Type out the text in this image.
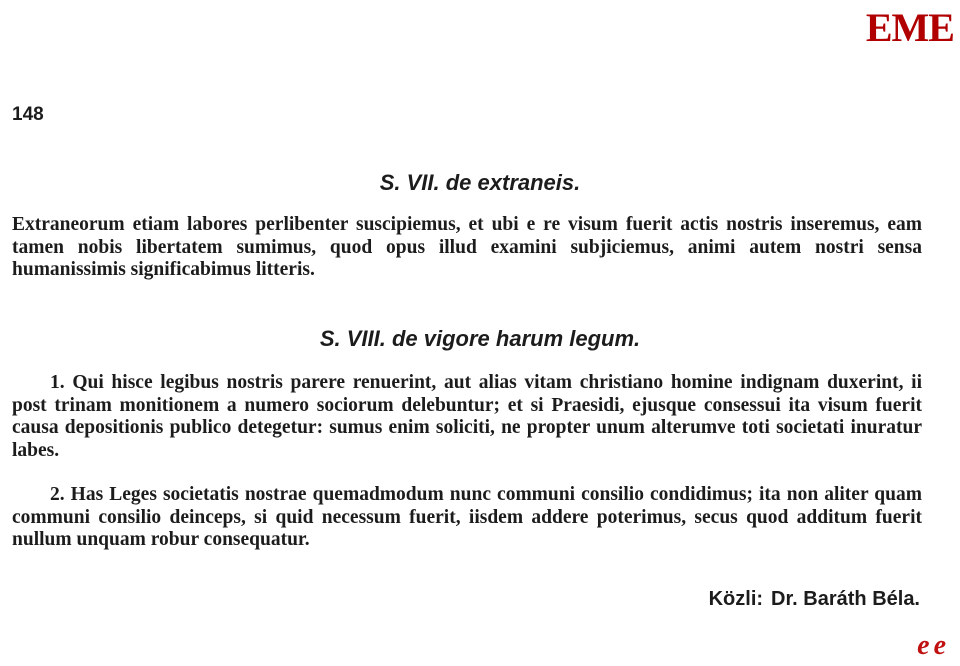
EME
148
S. VII. de extraneis.
Extraneorum etiam labores perlibenter suscipiemus, et ubi e re visum fuerit actis nostris inseremus, eam tamen nobis libertatem sumimus, quod opus illud examini subjiciemus, animi autem nostri sensa humanissimis significabimus litteris.
S. VIII. de vigore harum legum.
1. Qui hisce legibus nostris parere renuerint, aut alias vitam christiano homine indignam duxerint, ii post trinam monitionem a numero sociorum delebuntur; et si Praesidi, ejusque consessui ita visum fuerit causa depositionis publico detegetur: sumus enim soliciti, ne propter unum alterumve toti societati inuratur labes.
2. Has Leges societatis nostrae quemadmodum nunc communi consilio condidimus; ita non aliter quam communi consilio deinceps, si quid necessum fuerit, iisdem addere poterimus, secus quod additum fuerit nullum unquam robur consequatur.
Közli: Dr. Baráth Béla.
ee
